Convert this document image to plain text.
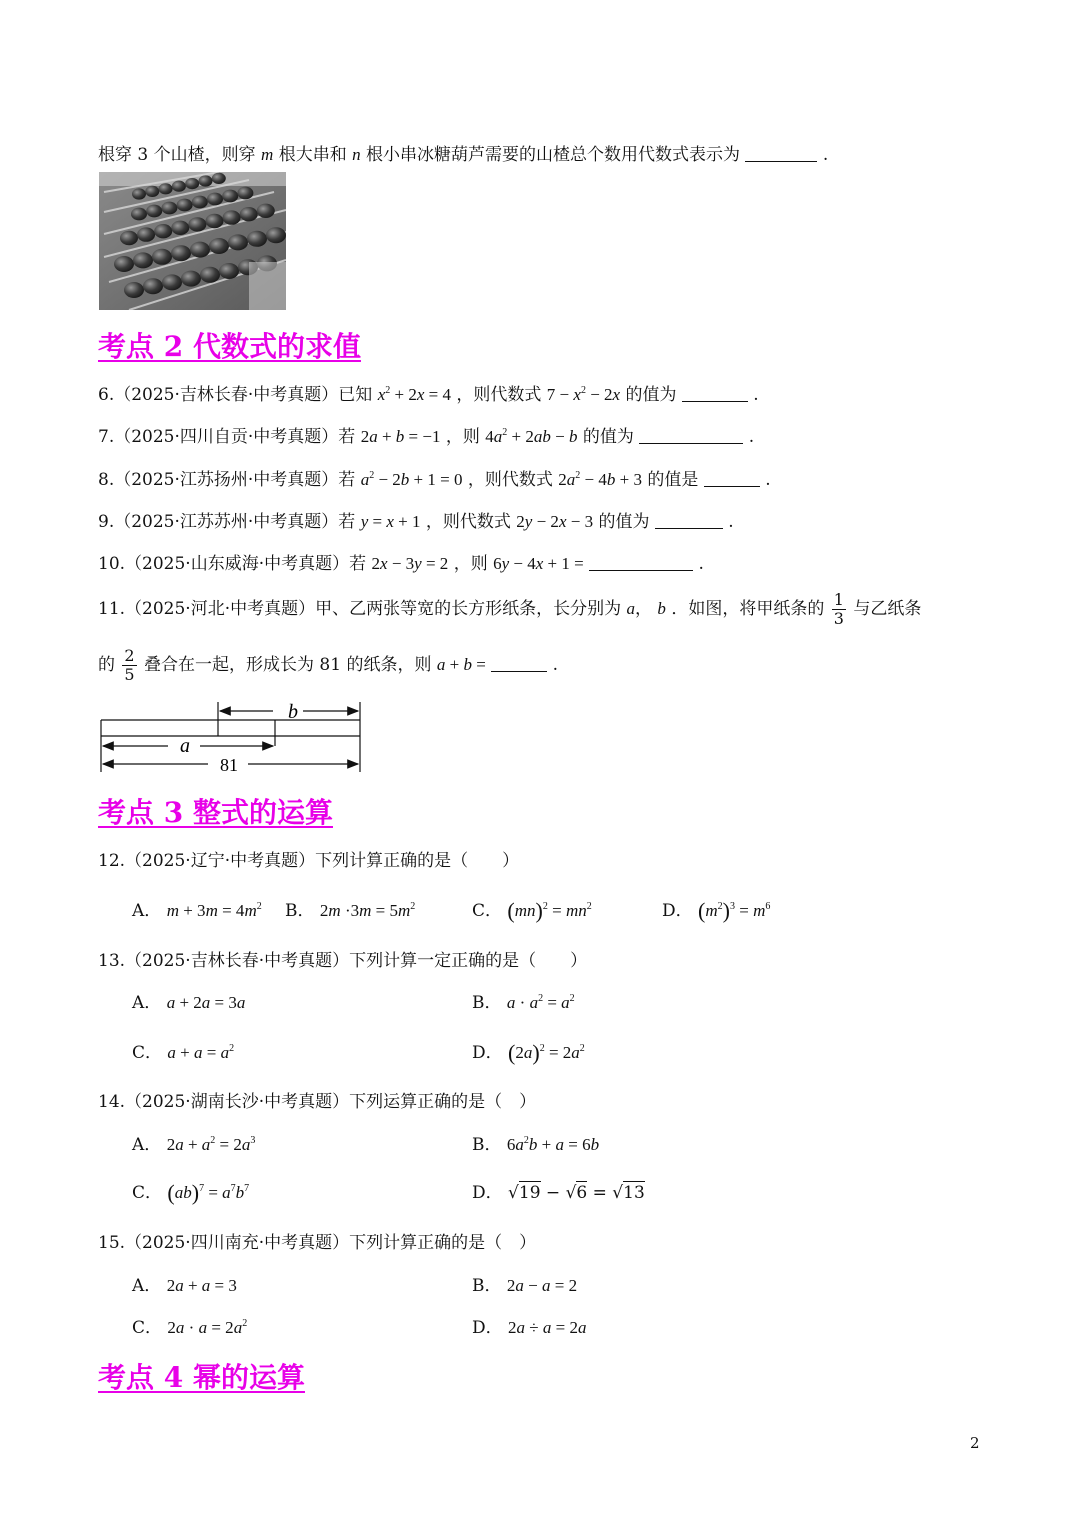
根穿 3 个山楂，则穿 m 根大串和 n 根小串冰糖葫芦需要的山楂总个数用代数式表示为	.
考点 2 代数式的求值
6.（2025·吉林长春·中考真题）已知 $x^2 + 2x = 4$ ，则代数式 $7 - x^2 - 2x$ 的值为	.
7.（2025·四川自贡·中考真题）若 2a + b = −1 ，则 $4a^2 + 2ab - b$ 的值为	.
8.（2025·江苏扬州·中考真题）若 $a^2 - 2b + 1 = 0$ ，则代数式 $2a^2 - 4b + 3$ 的值是	.
9.（2025·江苏苏州·中考真题）若 y = x + 1 ，则代数式 2y − 2x − 3 的值为	.
10.（2025·山东威海·中考真题）若 2x − 3y = 2 ，则 6y − 4x + 1 =	.
11.（2025·河北·中考真题）甲、乙两张等宽的长方形纸条，长分别为 a， b ．如图，将甲纸条的 $\frac{1}{3}$ 与乙纸条
的 $\frac{2}{5}$ 叠合在一起，形成长为 81 的纸条，则 a + b =	.
b
a
81
考点 3 整式的运算
12.（2025·辽宁·中考真题）下列计算正确的是（　　）
A． $m + 3m = 4m^2$ B． $2m \cdot 3m = 5m^2$	C． $(mn)^2 = mn^2$	D． $(m^2)^3 = m^6$
13.（2025·吉林长春·中考真题）下列计算一定正确的是（　　）
A． a + 2a = 3a	B． $a \cdot a^2 = a^2$
C． $a + a = a^2$	D． $(2a)^2 = 2a^2$
14.（2025·湖南长沙·中考真题）下列运算正确的是（　）
A． $2a + a^2 = 2a^3$	B． $6a^2b + a = 6b$
C． $(ab)^7 = a^7b^7$	D． √19 − √6 = √13
15.（2025·四川南充·中考真题）下列计算正确的是（　）
A． 2a + a = 3	B． 2a − a = 2
C． $2a \cdot a = 2a^2$	D． 2a ÷ a = 2a
考点 4 幂的运算
2
